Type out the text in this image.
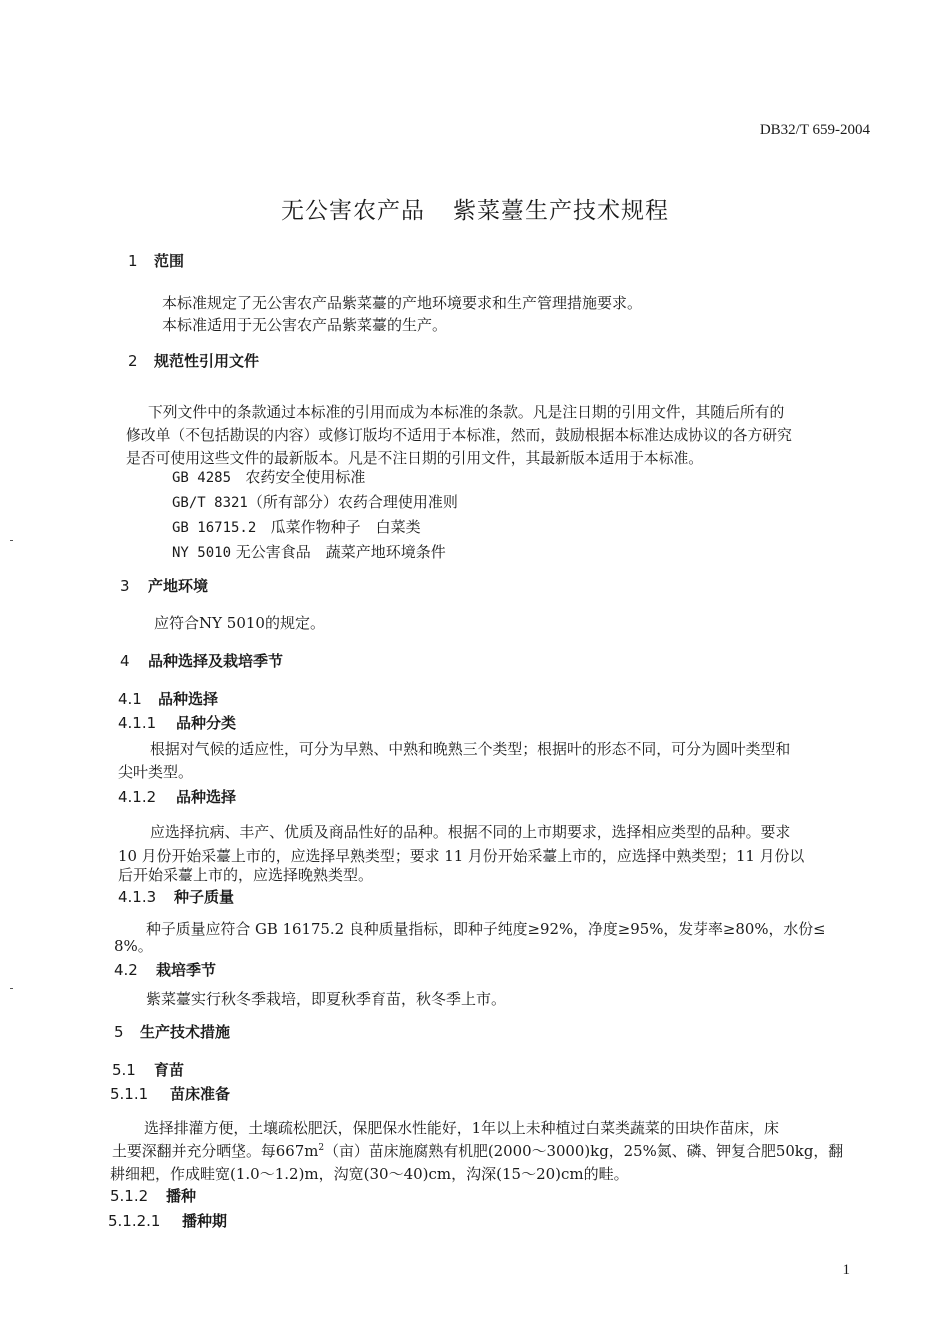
DB32/T 659-2004
无公害农产品 紫菜薹生产技术规程
1 范围
本标准规定了无公害农产品紫菜薹的产地环境要求和生产管理措施要求。
本标准适用于无公害农产品紫菜薹的生产。
2 规范性引用文件
下列文件中的条款通过本标准的引用而成为本标准的条款。凡是注日期的引用文件，其随后所有的
修改单（不包括勘误的内容）或修订版均不适用于本标准，然而，鼓励根据本标准达成协议的各方研究
是否可使用这些文件的最新版本。凡是不注日期的引用文件，其最新版本适用于本标准。
GB 4285 农药安全使用标准
GB/T 8321（所有部分）农药合理使用准则
GB 16715.2 瓜菜作物种子　白菜类
NY 5010 无公害食品　蔬菜产地环境条件
3 产地环境
应符合NY 5010的规定。
4 品种选择及栽培季节
4.1 品种选择
4.1.1 品种分类
根据对气候的适应性，可分为早熟、中熟和晚熟三个类型；根据叶的形态不同，可分为圆叶类型和
尖叶类型。
4.1.2 品种选择
应选择抗病、丰产、优质及商品性好的品种。根据不同的上市期要求，选择相应类型的品种。要求
10 月份开始采薹上市的，应选择早熟类型；要求 11 月份开始采薹上市的，应选择中熟类型；11 月份以
后开始采薹上市的，应选择晚熟类型。
4.1.3 种子质量
种子质量应符合 GB 16175.2 良种质量指标，即种子纯度≥92%，净度≥95%，发芽率≥80%，水份≤
8%。
4.2 栽培季节
紫菜薹实行秋冬季栽培，即夏秋季育苗，秋冬季上市。
5 生产技术措施
5.1 育苗
5.1.1 苗床准备
选择排灌方便，土壤疏松肥沃，保肥保水性能好，1年以上未种植过白菜类蔬菜的田块作苗床，床
土要深翻并充分晒垡。每$667m^2$（亩）苗床施腐熟有机肥(2000～3000)kg，25%氮、磷、钾复合肥50kg，翻
耕细耙，作成畦宽(1.0～1.2)m，沟宽(30～40)cm，沟深(15～20)cm的畦。
5.1.2 播种
5.1.2.1 播种期
1
